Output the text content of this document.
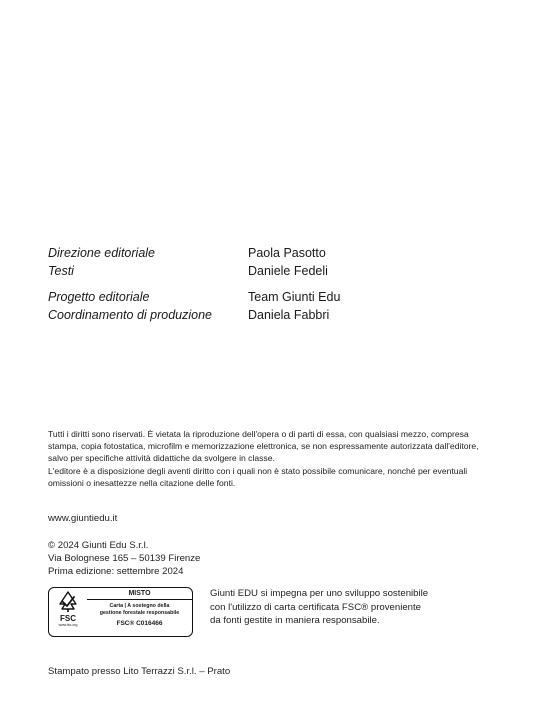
Direzione editoriale	Paola Pasotto
Testi	Daniele Fedeli
Progetto editoriale	Team Giunti Edu
Coordinamento di produzione	Daniela Fabbri

Tutti i diritti sono riservati. È vietata la riproduzione dell'opera o di parti di essa, con qualsiasi mezzo, compresa stampa, copia fotostatica, microfilm e memorizzazione elettronica, se non espressamente autorizzata dall'editore, salvo per specifiche attività didattiche da svolgere in classe.

L'editore è a disposizione degli aventi diritto con i quali non è stato possibile comunicare, nonché per eventuali omissioni o inesattezze nella citazione delle fonti.

www.giuntiedu.it
© 2024 Giunti Edu S.r.l.
Via Bolognese 165 – 50139 Firenze
Prima edizione: settembre 2024
FSC
www.fsc.org
MISTO
Carta | A sostegno della
gestione forestale responsabile
FSC® C016466

Giunti EDU si impegna per uno sviluppo sostenibile

con l'utilizzo di carta certificata FSC® proveniente

da fonti gestite in maniera responsabile.

Stampato presso Lito Terrazzi S.r.l. – Prato
